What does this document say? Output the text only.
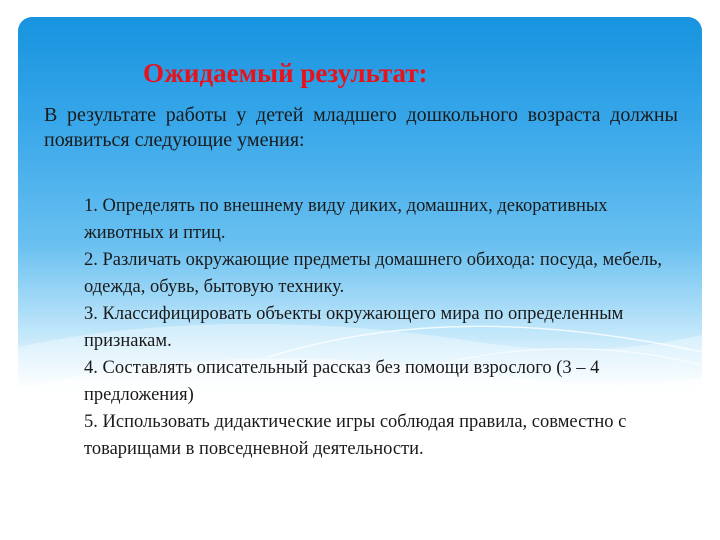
Ожидаемый результат:

В результате работы у детей младшего дошкольного возраста должны появиться следующие умения:

1. Определять по внешнему виду диких, домашних, декоративных животных и птиц.
2. Различать окружающие предметы домашнего обихода: посуда, мебель, одежда, обувь, бытовую технику.
3. Классифицировать объекты окружающего мира по определенным признакам.
4. Составлять описательный рассказ без помощи взрослого (3 – 4 предложения)
5. Использовать дидактические игры соблюдая правила, совместно с товарищами в повседневной деятельности.
